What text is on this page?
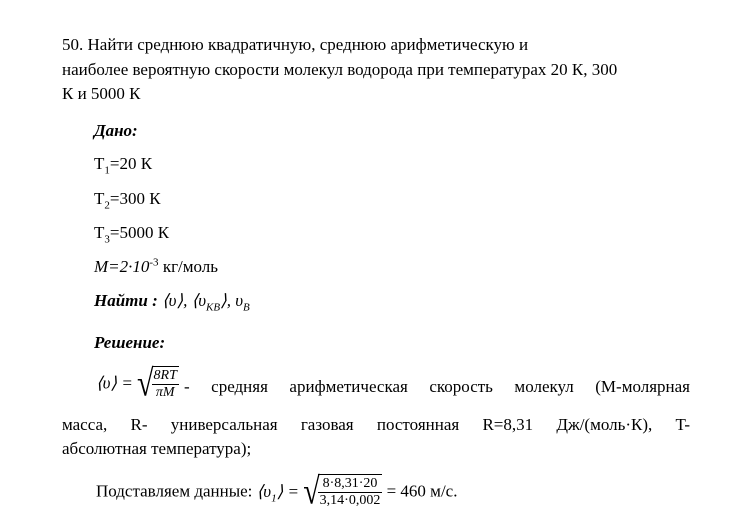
50. Найти среднюю квадратичную, среднюю арифметическую и
наиболее вероятную скорости молекул водорода при температурах 20 К, 300
К и 5000 К
Дано:
$T_1=20$ К
$T_2=300$ К
$T_3=5000$ К
$M=2\cdot 10^{-3}$ кг/моль
Найти : ⟨υ⟩, $⟨\upsilon_{КВ}⟩$, $\upsilon_В$
Решение:
⟨υ⟩ = √
$\frac{8RT}{\pi M}$ - средняя арифметическая скорость молекул (М-молярная
масса, R- универсальная газовая постоянная R=8,31 Дж/(моль·К), T-
абсолютная температура);
Подставляем данные: $⟨\upsilon_1⟩$ = √
$\frac{8\cdot 8,31\cdot 20}{3,14\cdot 0,002} = 460$ м/с.
